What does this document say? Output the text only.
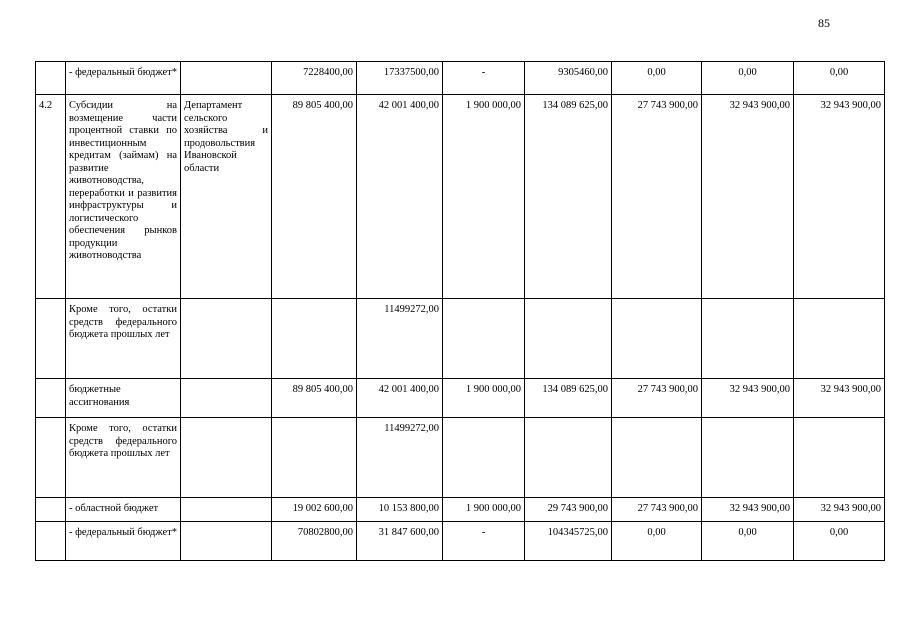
85
	- федеральный бюджет*		7228400,00	17337500,00	-	9305460,00	0,00	0,00	0,00
4.2	Субсидии на возмещение части процентной ставки по инвестиционным кредитам (займам) на развитие животноводства, переработки и развития инфраструктуры и логистического обеспечения рынков продукции животноводства	Департамент сельского хозяйства и продовольствия Ивановской области	89 805 400,00	42 001 400,00	1 900 000,00	134 089 625,00	27 743 900,00	32 943 900,00	32 943 900,00
	Кроме того, остатки средств федерального бюджета прошлых лет			11499272,00					
	бюджетные ассигнования		89 805 400,00	42 001 400,00	1 900 000,00	134 089 625,00	27 743 900,00	32 943 900,00	32 943 900,00
	Кроме того, остатки средств федерального бюджета прошлых лет			11499272,00					
	- областной бюджет		19 002 600,00	10 153 800,00	1 900 000,00	29 743 900,00	27 743 900,00	32 943 900,00	32 943 900,00
	- федеральный бюджет*		70802800,00	31 847 600,00	-	104345725,00	0,00	0,00	0,00
